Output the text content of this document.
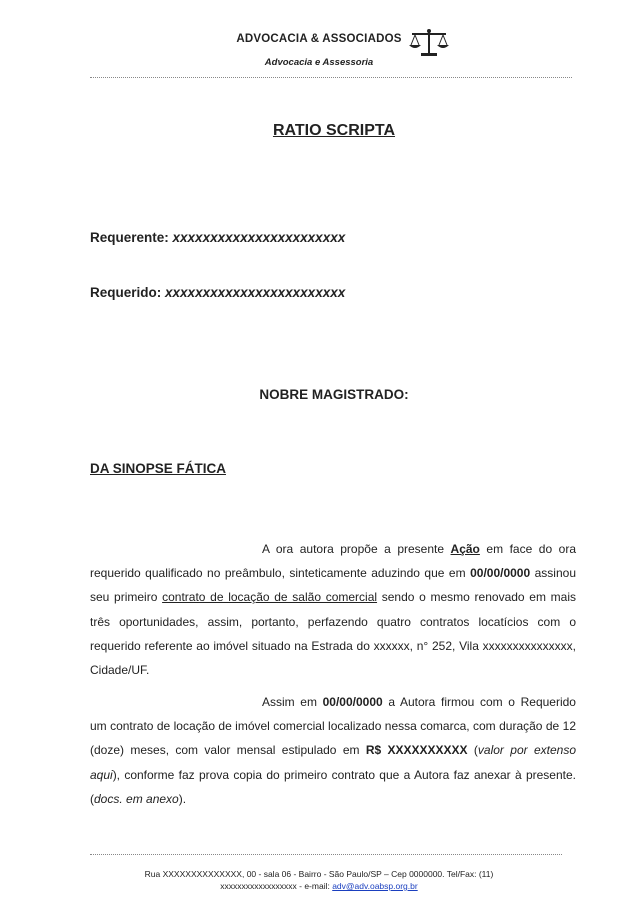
ADVOCACIA & ASSOCIADOS
Advocacia e Assessoria
RATIO SCRIPTA
Requerente: xxxxxxxxxxxxxxxxxxxxxxx
Requerido: xxxxxxxxxxxxxxxxxxxxxxxx
NOBRE MAGISTRADO:
DA SINOPSE FÁTICA

A ora autora propõe a presente Ação em face do ora requerido qualificado no preâmbulo, sinteticamente aduzindo que em 00/00/0000 assinou seu primeiro contrato de locação de salão comercial sendo o mesmo renovado em mais três oportunidades, assim, portanto, perfazendo quatro contratos locatícios com o requerido referente ao imóvel situado na Estrada do xxxxxx, n° 252, Vila xxxxxxxxxxxxxxx, Cidade/UF.

Assim em 00/00/0000 a Autora firmou com o Requerido um contrato de locação de imóvel comercial localizado nessa comarca, com duração de 12 (doze) meses, com valor mensal estipulado em R$ XXXXXXXXXX (valor por extenso aqui), conforme faz prova copia do primeiro contrato que a Autora faz anexar à presente. (docs. em anexo).

Rua XXXXXXXXXXXXXX, 00 - sala 06 - Bairro - São Paulo/SP – Cep 0000000. Tel/Fax: (11)
xxxxxxxxxxxxxxxxxx - e-mail: adv@adv.oabsp.org.br
